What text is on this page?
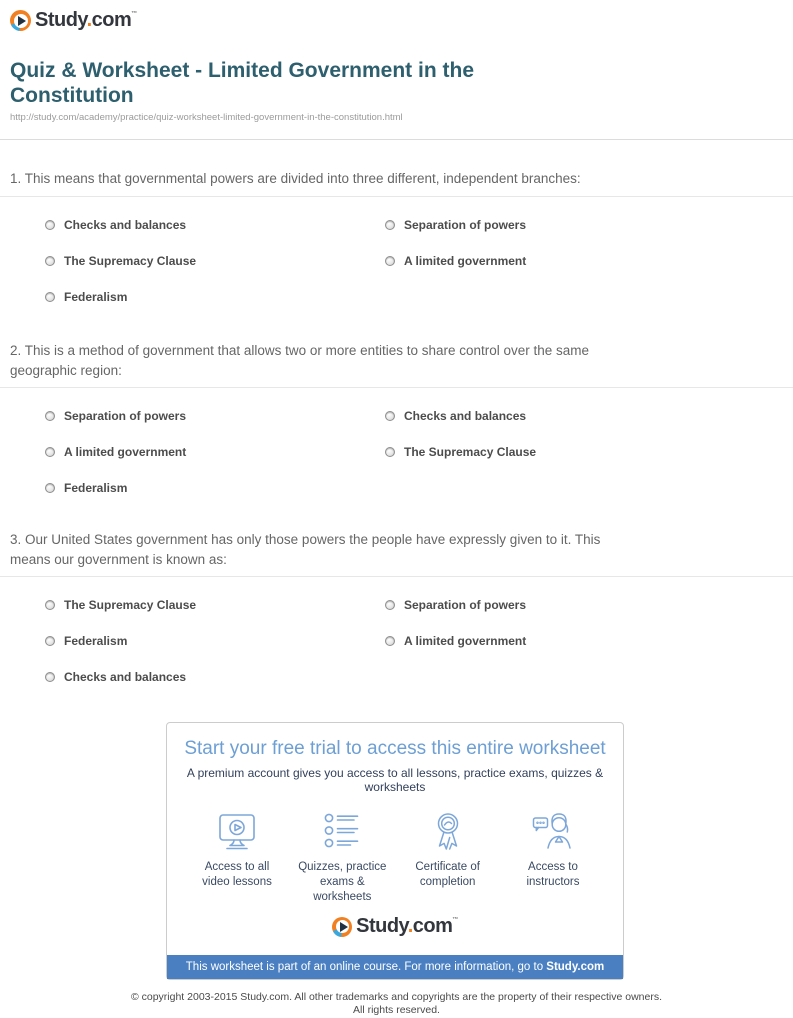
Study.com™
Quiz & Worksheet - Limited Government in the Constitution
http://study.com/academy/practice/quiz-worksheet-limited-government-in-the-constitution.html
1. This means that governmental powers are divided into three different, independent branches:
Checks and balances	Separation of powers
The Supremacy Clause	A limited government
Federalism
2. This is a method of government that allows two or more entities to share control over the same geographic region:
Separation of powers	Checks and balances
A limited government	The Supremacy Clause
Federalism
3. Our United States government has only those powers the people have expressly given to it. This means our government is known as:
The Supremacy Clause	Separation of powers
Federalism	A limited government
Checks and balances
Start your free trial to access this entire worksheet
A premium account gives you access to all lessons, practice exams, quizzes & worksheets
Access to all
video lessons
Quizzes, practice
exams & worksheets
Certificate of
completion
Access to
instructors
Study.com™
This worksheet is part of an online course. For more information, go to Study.com
© copyright 2003-2015 Study.com. All other trademarks and copyrights are the property of their respective owners.
All rights reserved.
